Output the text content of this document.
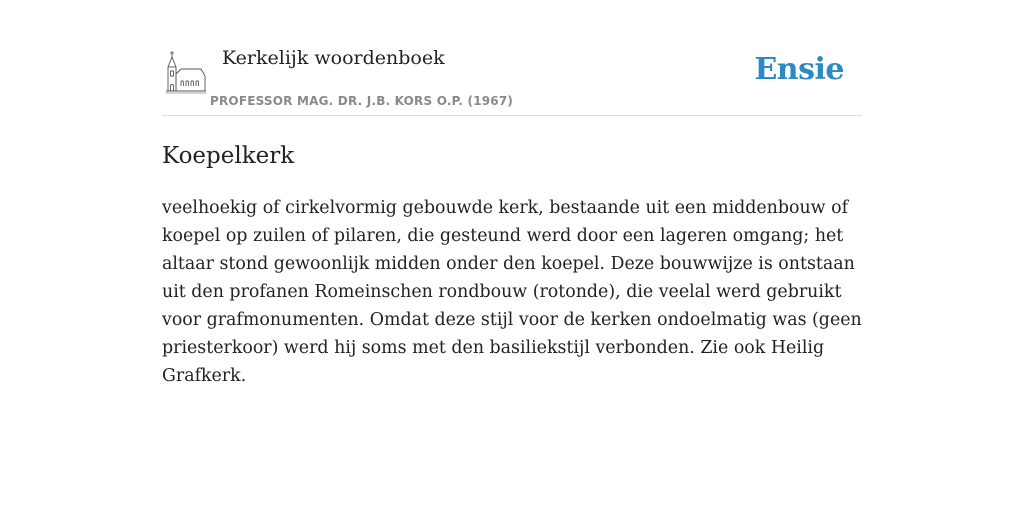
Kerkelijk woordenboek
PROFESSOR MAG. DR. J.B. KORS O.P. (1967)
Ensie
Koepelkerk

veelhoekig of cirkelvormig gebouwde kerk, bestaande uit een middenbouw of koepel op zuilen of pilaren, die gesteund werd door een lageren omgang; het altaar stond gewoonlijk midden onder den koepel. Deze bouwwijze is ontstaan uit den profanen Romeinschen rondbouw (rotonde), die veelal werd gebruikt voor grafmonumenten. Omdat deze stijl voor de kerken ondoelmatig was (geen priesterkoor) werd hij soms met den basiliekstijl verbonden. Zie ook Heilig Grafkerk.
